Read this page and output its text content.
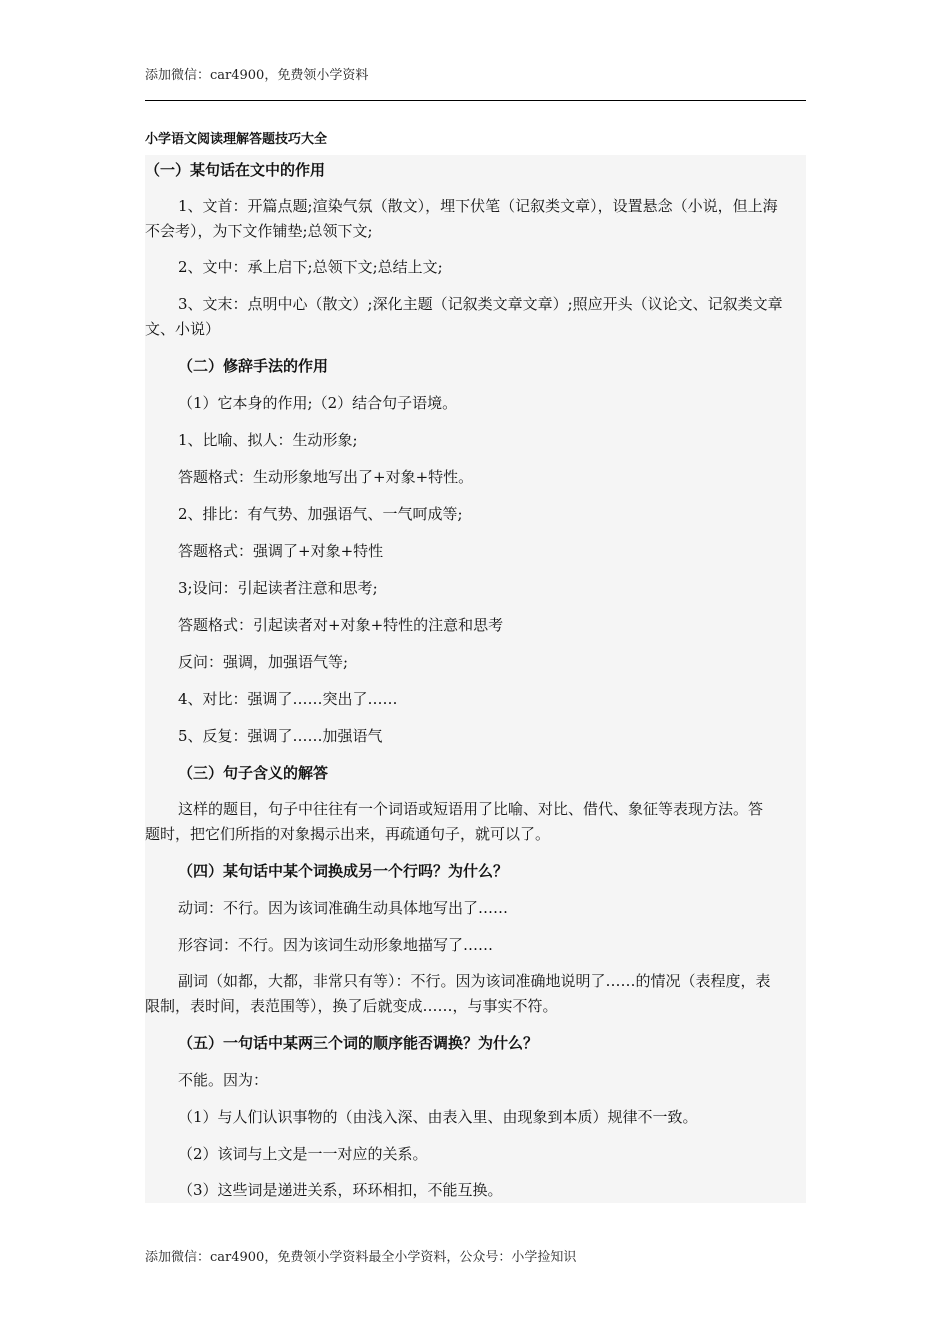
添加微信：car4900，免费领小学资料
小学语文阅读理解答题技巧大全
（一）某句话在文中的作用
1、文首：开篇点题;渲染气氛（散文），埋下伏笔（记叙类文章），设置悬念（小说，但上海
不会考），为下文作铺垫;总领下文;
2、文中：承上启下;总领下文;总结上文;
3、文末：点明中心（散文）;深化主题（记叙类文章文章）;照应开头（议论文、记叙类文章
文、小说）
（二）修辞手法的作用
（1）它本身的作用;（2）结合句子语境。
1、比喻、拟人：生动形象;
答题格式：生动形象地写出了+对象+特性。
2、排比：有气势、加强语气、一气呵成等;
答题格式：强调了+对象+特性
3;设问：引起读者注意和思考;
答题格式：引起读者对+对象+特性的注意和思考
反问：强调，加强语气等;
4、对比：强调了……突出了……
5、反复：强调了……加强语气
（三）句子含义的解答
这样的题目，句子中往往有一个词语或短语用了比喻、对比、借代、象征等表现方法。答
题时，把它们所指的对象揭示出来，再疏通句子，就可以了。
（四）某句话中某个词换成另一个行吗？为什么？
动词：不行。因为该词准确生动具体地写出了……
形容词：不行。因为该词生动形象地描写了……
副词（如都，大都，非常只有等）：不行。因为该词准确地说明了……的情况（表程度，表
限制，表时间，表范围等），换了后就变成……，与事实不符。
（五）一句话中某两三个词的顺序能否调换？为什么？
不能。因为：
（1）与人们认识事物的（由浅入深、由表入里、由现象到本质）规律不一致。
（2）该词与上文是一一对应的关系。
（3）这些词是递进关系，环环相扣，不能互换。
添加微信：car4900，免费领小学资料最全小学资料，公众号：小学捡知识
